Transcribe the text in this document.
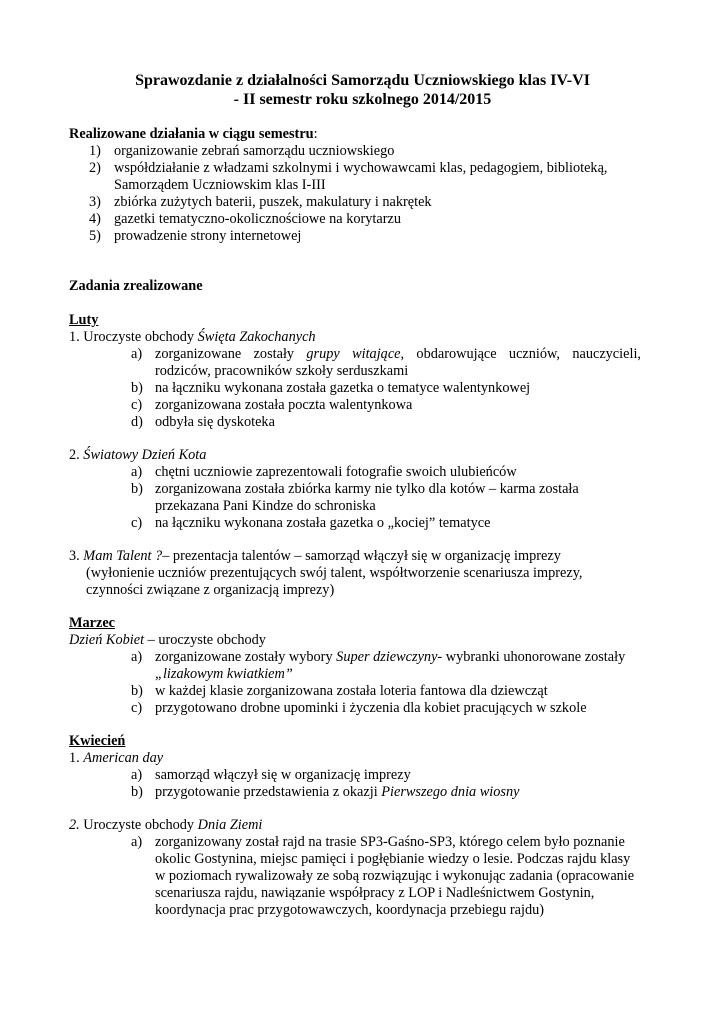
Sprawozdanie z działalności Samorządu Uczniowskiego klas IV-VI
- II semestr roku szkolnego 2014/2015
Realizowane działania w ciągu semestru:
1) organizowanie zebrań samorządu uczniowskiego
2) współdziałanie z władzami szkolnymi i wychowawcami klas, pedagogiem, biblioteką,
Samorządem Uczniowskim klas I-III
3) zbiórka zużytych baterii, puszek, makulatury i nakrętek
4) gazetki tematyczno-okolicznościowe na korytarzu
5) prowadzenie strony internetowej
Zadania zrealizowane
Luty
1. Uroczyste obchody Święta Zakochanych
a) zorganizowane zostały grupy witające, obdarowujące uczniów, nauczycieli,
rodziców, pracowników szkoły serduszkami
b) na łączniku wykonana została gazetka o tematyce walentynkowej
c) zorganizowana została poczta walentynkowa
d) odbyła się dyskoteka
2. Światowy Dzień Kota
a) chętni uczniowie zaprezentowali fotografie swoich ulubieńców
b) zorganizowana została zbiórka karmy nie tylko dla kotów – karma została
przekazana Pani Kindze do schroniska
c) na łączniku wykonana została gazetka o „kociej” tematyce
3. Mam Talent ?– prezentacja talentów – samorząd włączył się w organizację imprezy
(wyłonienie uczniów prezentujących swój talent, współtworzenie scenariusza imprezy,
czynności związane z organizacją imprezy)
Marzec
Dzień Kobiet – uroczyste obchody
a) zorganizowane zostały wybory Super dziewczyny- wybranki uhonorowane zostały
„lizakowym kwiatkiem”
b) w każdej klasie zorganizowana została loteria fantowa dla dziewcząt
c) przygotowano drobne upominki i życzenia dla kobiet pracujących w szkole
Kwiecień
1. American day
a) samorząd włączył się w organizację imprezy
b) przygotowanie przedstawienia z okazji Pierwszego dnia wiosny
2. Uroczyste obchody Dnia Ziemi
a) zorganizowany został rajd na trasie SP3-Gaśno-SP3, którego celem było poznanie
okolic Gostynina, miejsc pamięci i pogłębianie wiedzy o lesie. Podczas rajdu klasy
w poziomach rywalizowały ze sobą rozwiązując i wykonując zadania (opracowanie
scenariusza rajdu, nawiązanie współpracy z LOP i Nadleśnictwem Gostynin,
koordynacja prac przygotowawczych, koordynacja przebiegu rajdu)
